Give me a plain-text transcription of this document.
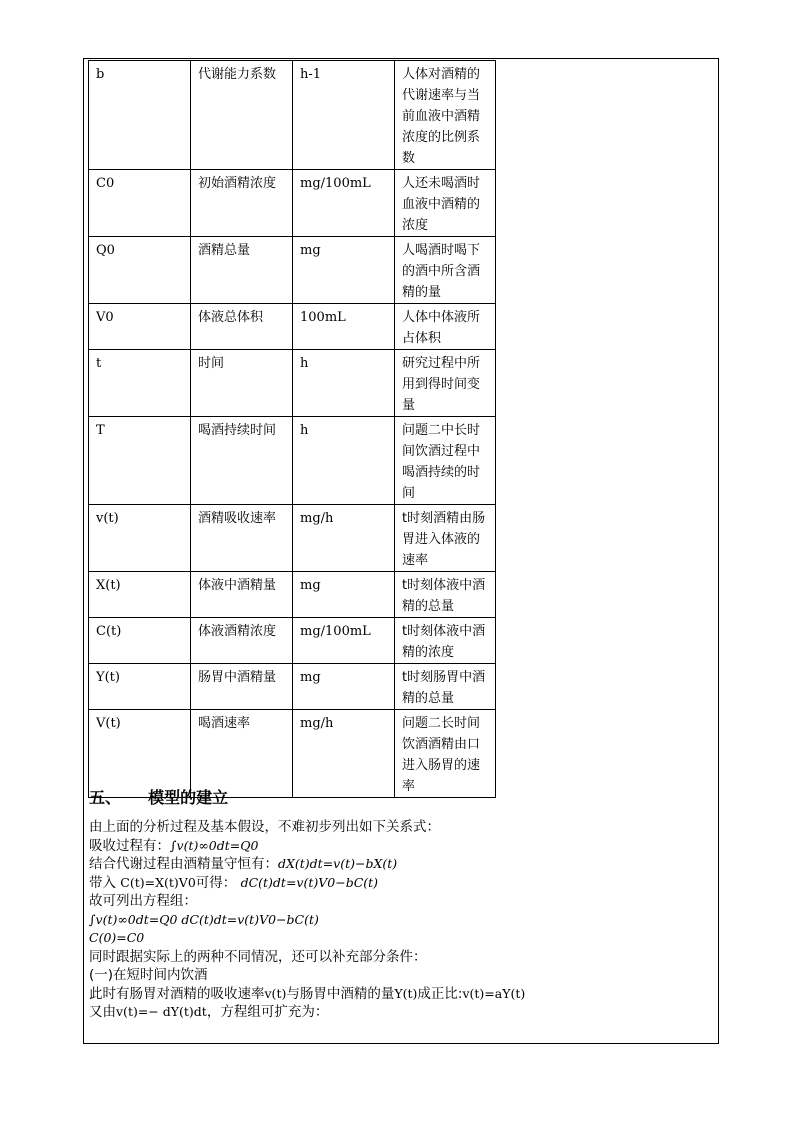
b	代谢能力系数	h-1	人体对酒精的代谢速率与当前血液中酒精浓度的比例系数
C0	初始酒精浓度	mg/100mL	人还未喝酒时血液中酒精的浓度
Q0	酒精总量	mg	人喝酒时喝下的酒中所含酒精的量
V0	体液总体积	100mL	人体中体液所占体积
t	时间	h	研究过程中所用到得时间变量
T	喝酒持续时间	h	问题二中长时间饮酒过程中喝酒持续的时间
v(t)	酒精吸收速率	mg/h	t时刻酒精由肠胃进入体液的速率
X(t)	体液中酒精量	mg	t时刻体液中酒精的总量
C(t)	体液酒精浓度	mg/100mL	t时刻体液中酒精的浓度
Y(t)	肠胃中酒精量	mg	t时刻肠胃中酒精的总量
V(t)	喝酒速率	mg/h	问题二长时间饮酒酒精由口进入肠胃的速率
五、 模型的建立
由上面的分析过程及基本假设，不难初步列出如下关系式：
吸收过程有：∫v(t)∞0dt=Q0
结合代谢过程由酒精量守恒有：dX(t)dt=v(t)−bX(t)
带入 C(t)=X(t)V0可得： dC(t)dt=v(t)V0−bC(t)
故可列出方程组：
∫v(t)∞0dt=Q0 dC(t)dt=v(t)V0−bC(t)
C(0)=C0
同时跟据实际上的两种不同情况，还可以补充部分条件：
(一)在短时间内饮酒
此时有肠胃对酒精的吸收速率v(t)与肠胃中酒精的量Y(t)成正比:v(t)=aY(t)
又由v(t)=− dY(t)dt，方程组可扩充为：
